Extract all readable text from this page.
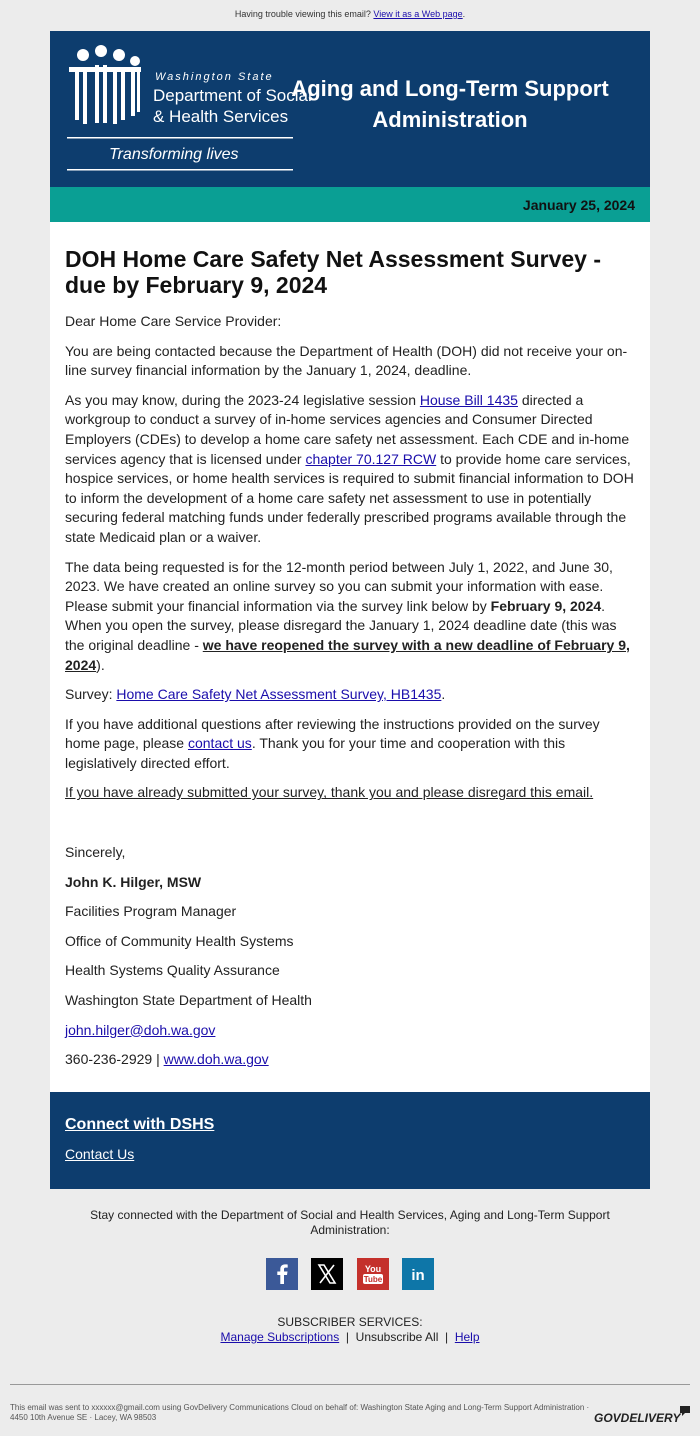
Having trouble viewing this email? View it as a Web page.
Washington State
Department of Social
& Health Services
Transforming lives
Aging and Long-Term Support Administration
January 25, 2024
DOH Home Care Safety Net Assessment Survey - due by February 9, 2024

Dear Home Care Service Provider:

You are being contacted because the Department of Health (DOH) did not receive your on-line survey financial information by the January 1, 2024, deadline.

As you may know, during the 2023-24 legislative session House Bill 1435 directed a workgroup to conduct a survey of in-home services agencies and Consumer Directed Employers (CDEs) to develop a home care safety net assessment. Each CDE and in-home services agency that is licensed under chapter 70.127 RCW to provide home care services, hospice services, or home health services is required to submit financial information to DOH to inform the development of a home care safety net assessment to use in potentially securing federal matching funds under federally prescribed programs available through the state Medicaid plan or a waiver.

The data being requested is for the 12-month period between July 1, 2022, and June 30, 2023. We have created an online survey so you can submit your information with ease. Please submit your financial information via the survey link below by February 9, 2024. When you open the survey, please disregard the January 1, 2024 deadline date (this was the original deadline - we have reopened the survey with a new deadline of February 9, 2024).

Survey: Home Care Safety Net Assessment Survey, HB1435.

If you have additional questions after reviewing the instructions provided on the survey home page, please contact us. Thank you for your time and cooperation with this legislatively directed effort.

If you have already submitted your survey, thank you and please disregard this email.

Sincerely,

John K. Hilger, MSW

Facilities Program Manager

Office of Community Health Systems

Health Systems Quality Assurance

Washington State Department of Health

john.hilger@doh.wa.gov

360-236-2929 | www.doh.wa.gov

Connect with DSHS
Contact Us
Stay connected with the Department of Social and Health Services, Aging and Long-Term Support Administration:
You
Tube in
SUBSCRIBER SERVICES:
Manage Subscriptions  |  Unsubscribe All  |  Help
This email was sent to xxxxxx@gmail.com using GovDelivery Communications Cloud on behalf of: Washington State Aging and Long-Term Support Administration · 4450 10th Avenue SE · Lacey, WA 98503	GOVDELIVERY
